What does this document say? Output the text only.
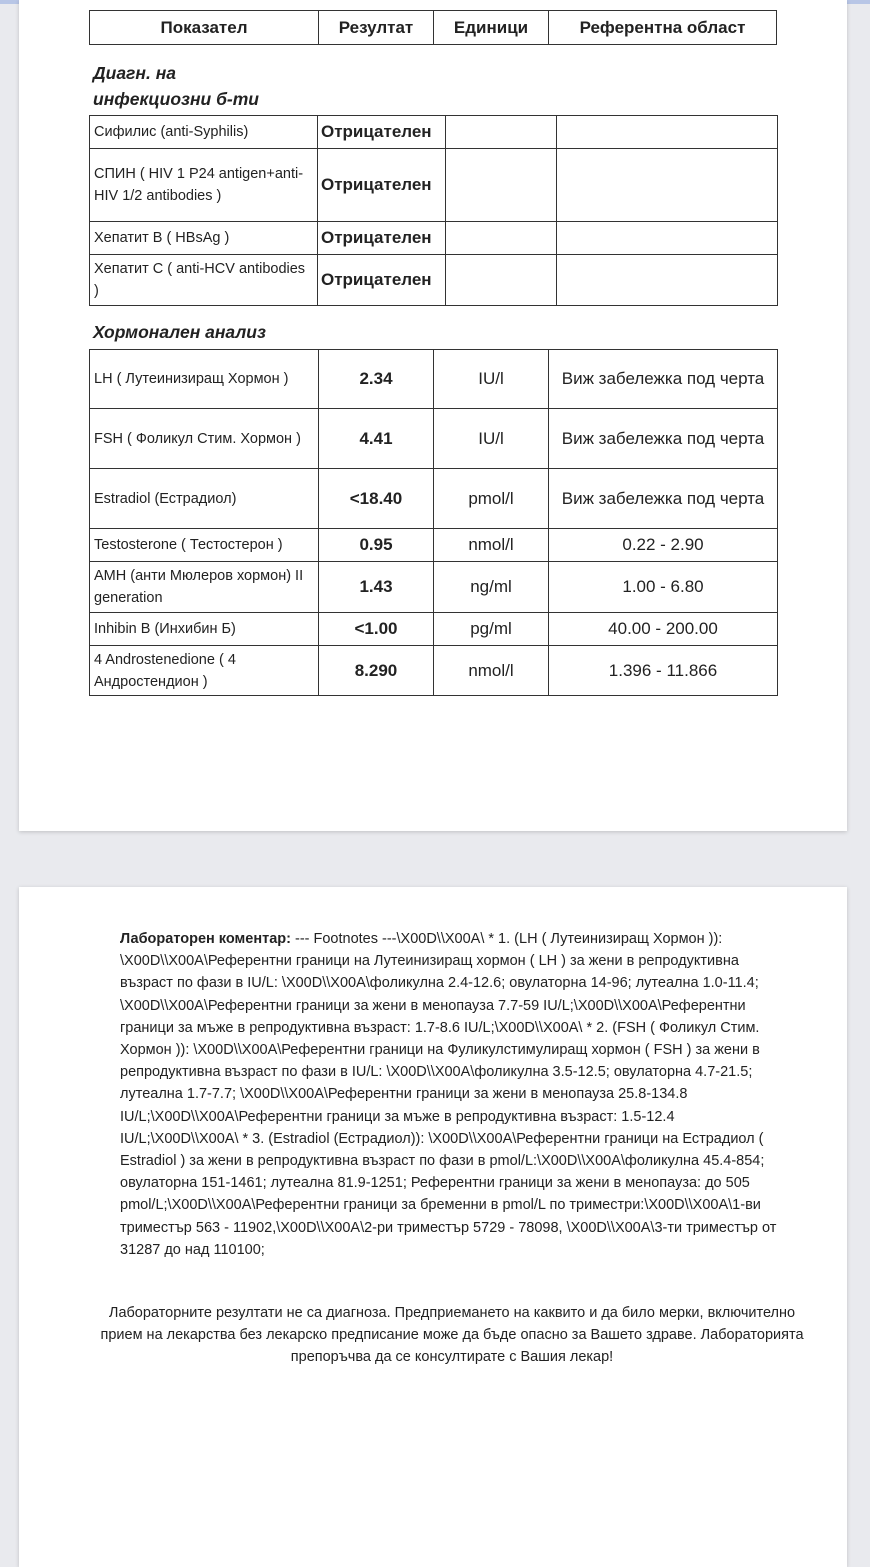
Показател	Резултат	Единици	Референтна област
Диагн. на
инфекциозни б-ти
Сифилис (anti-Syphilis)	Отрицателен		
СПИН ( HIV 1 P24 antigen+anti-HIV 1/2 antibodies )	Отрицателен		
Хепатит В ( HBsAg )	Отрицателен		
Хепатит С ( anti-HCV antibodies )	Отрицателен		
Хормонален анализ
LH ( Лутеинизиращ Хормон )	2.34	IU/l	Виж забележка под черта
FSH ( Фоликул Стим. Хормон )	4.41	IU/l	Виж забележка под черта
Estradiol (Естрадиол)	<18.40	pmol/l	Виж забележка под черта
Testosterone ( Тестостерон )	0.95	nmol/l	0.22 - 2.90
AMH (анти Мюлеров хормон) II generation	1.43	ng/ml	1.00 - 6.80
Inhibin B (Инхибин Б)	<1.00	pg/ml	40.00 - 200.00
4 Androstenedione ( 4 Андростендион )	8.290	nmol/l	1.396 - 11.866
Лабораторен коментар: --- Footnotes ---\X00D\\X00A\ * 1. (LH ( Лутеинизиращ Хормон )): \X00D\\X00A\Референтни граници на Лутеинизиращ хормон ( LH ) за жени в репродуктивна възраст по фази в IU/L: \X00D\\X00A\фоликулна 2.4-12.6; овулаторна 14-96; лутеална 1.0-11.4; \X00D\\X00A\Референтни граници за жени в менопауза 7.7-59 IU/L;\X00D\\X00A\Референтни граници за мъже в репродуктивна възраст: 1.7-8.6 IU/L;\X00D\\X00A\ * 2. (FSH ( Фоликул Стим. Хормон )): \X00D\\X00A\Референтни граници на Фуликулстимулиращ хормон ( FSH ) за жени в репродуктивна възраст по фази в IU/L: \X00D\\X00A\фоликулна 3.5-12.5; овулаторна 4.7-21.5; лутеална 1.7-7.7; \X00D\\X00A\Референтни граници за жени в менопауза 25.8-134.8 IU/L;\X00D\\X00A\Референтни граници за мъже в репродуктивна възраст: 1.5-12.4 IU/L;\X00D\\X00A\ * 3. (Estradiol (Естрадиол)): \X00D\\X00A\Референтни граници на Естрадиол ( Estradiol ) за жени в репродуктивна възраст по фази в pmol/L:\X00D\\X00A\фоликулна 45.4-854; овулаторна 151-1461; лутеална 81.9-1251; Референтни граници за жени в менопауза: до 505 pmol/L;\X00D\\X00A\Референтни граници за бременни в pmol/L по триместри:\X00D\\X00A\1-ви триместър 563 - 11902,\X00D\\X00A\2-ри триместър 5729 - 78098, \X00D\\X00A\3-ти триместър от 31287 до над 110100;
Лабораторните резултати не са диагноза. Предприемането на каквито и да било мерки, включително прием на лекарства без лекарско предписание може да бъде опасно за Вашето здраве. Лабораторията препоръчва да се консултирате с Вашия лекар!
